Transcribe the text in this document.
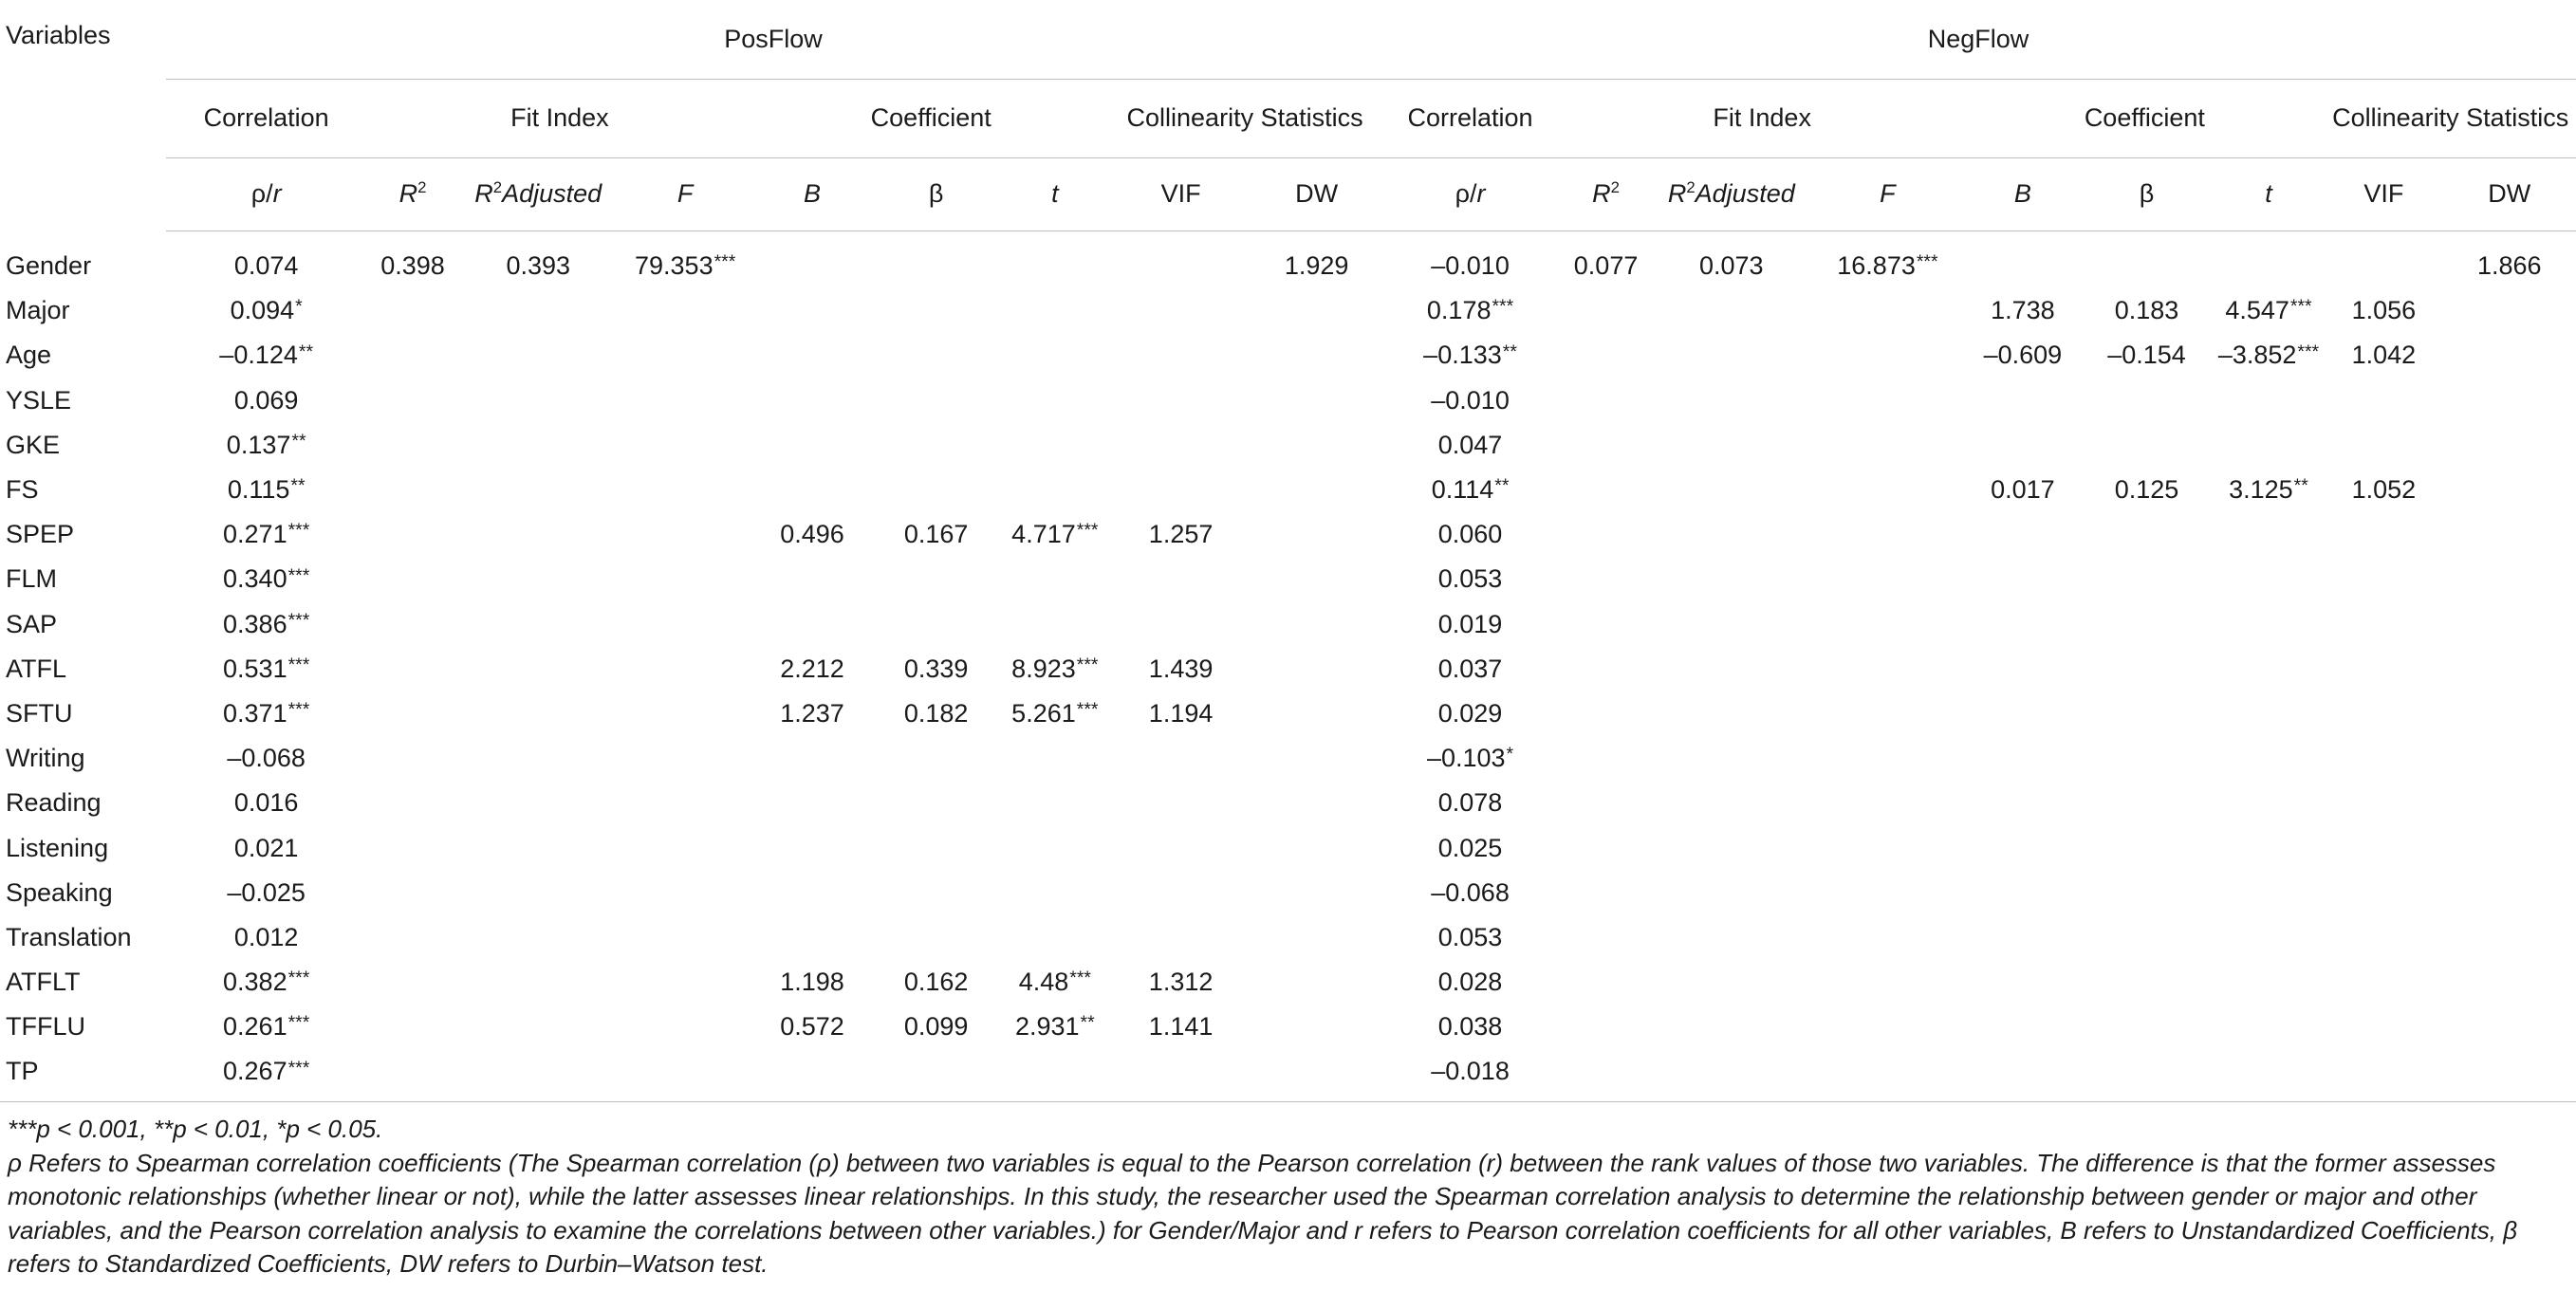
Variables	PosFlow									NegFlow								
	Correlation	Fit Index			Coefficient			Collinearity Statistics		Correlation	Fit Index			Coefficient			Collinearity Statistics	
	ρ/r	$R^2$	$R^2Adjusted$	F	B	β	t	VIF	DW	ρ/r	$R^2$	$R^2Adjusted$	F	B	β	t	VIF	DW

Gender	0.074	0.398	0.393	79.353***					1.929	–0.010	0.077	0.073	16.873***					1.866
Major	0.094*									0.178***				1.738	0.183	4.547***	1.056	
Age	–0.124**									–0.133**				–0.609	–0.154	–3.852***	1.042	
YSLE	0.069									–0.010								
GKE	0.137**									0.047								
FS	0.115**									0.114**				0.017	0.125	3.125**	1.052	
SPEP	0.271***				0.496	0.167	4.717***	1.257		0.060								
FLM	0.340***									0.053								
SAP	0.386***									0.019								
ATFL	0.531***				2.212	0.339	8.923***	1.439		0.037								
SFTU	0.371***				1.237	0.182	5.261***	1.194		0.029								
Writing	–0.068									–0.103*								
Reading	0.016									0.078								
Listening	0.021									0.025								
Speaking	–0.025									–0.068								
Translation	0.012									0.053								
ATFLT	0.382***				1.198	0.162	4.48***	1.312		0.028								
TFFLU	0.261***				0.572	0.099	2.931**	1.141		0.038								
TP	0.267***									–0.018								

***p < 0.001, **p < 0.01, *p < 0.05.

ρ Refers to Spearman correlation coefficients (The Spearman correlation (ρ) between two variables is equal to the Pearson correlation (r) between the rank values of those two variables. The difference is that the former assesses monotonic relationships (whether linear or not), while the latter assesses linear relationships. In this study, the researcher used the Spearman correlation analysis to determine the relationship between gender or major and other variables, and the Pearson correlation analysis to examine the correlations between other variables.) for Gender/Major and r refers to Pearson correlation coefficients for all other variables, B refers to Unstandardized Coefficients, β refers to Standardized Coefficients, DW refers to Durbin–Watson test.
